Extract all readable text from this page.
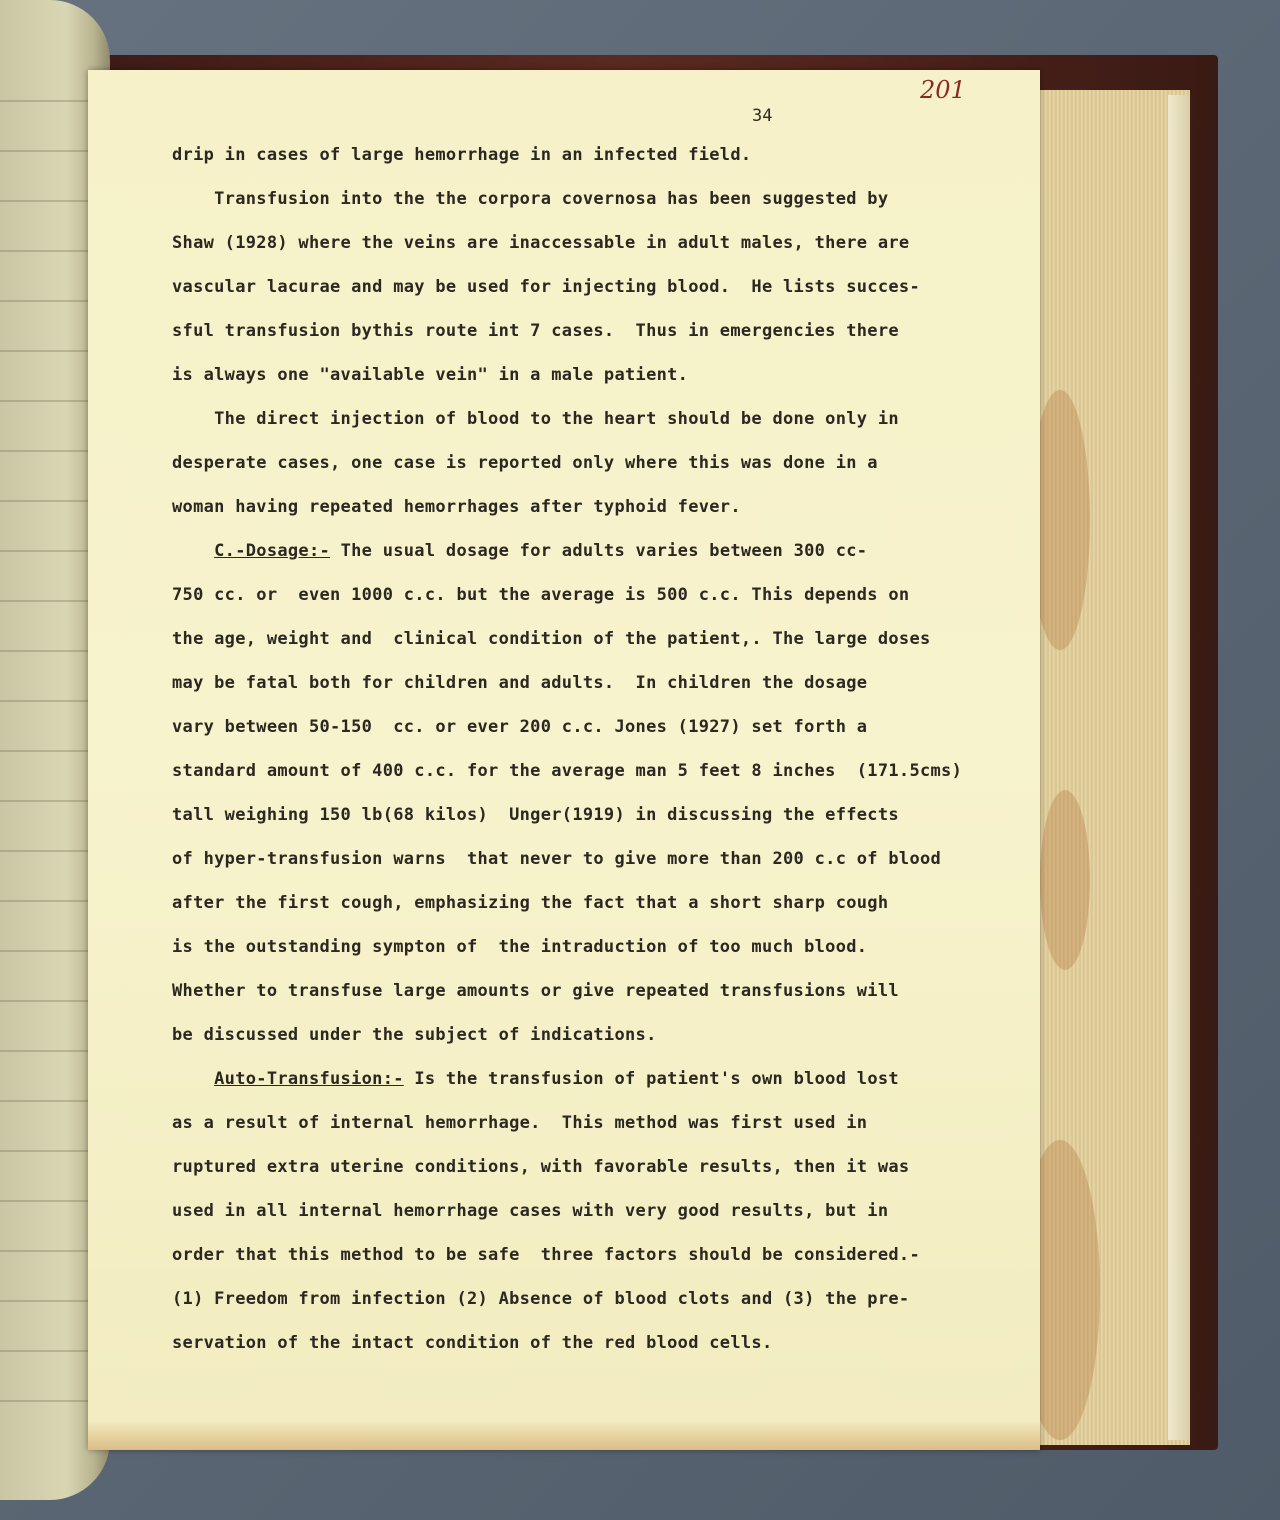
201
34
drip in cases of large hemorrhage in an infected field.
Transfusion into the the corpora covernosa has been suggested by
Shaw (1928) where the veins are inaccessable in adult males, there are
vascular lacurae and may be used for injecting blood.  He lists succes-
sful transfusion bythis route int 7 cases.  Thus in emergencies there
is always one "available vein" in a male patient.
The direct injection of blood to the heart should be done only in
desperate cases, one case is reported only where this was done in a
woman having repeated hemorrhages after typhoid fever.
C.-Dosage:- The usual dosage for adults varies between 300 cc-
750 cc. or  even 1000 c.c. but the average is 500 c.c. This depends on
the age, weight and  clinical condition of the patient,. The large doses
may be fatal both for children and adults.  In children the dosage
vary between 50-150  cc. or ever 200 c.c. Jones (1927) set forth a
standard amount of 400 c.c. for the average man 5 feet 8 inches  (171.5cms)
tall weighing 150 lb(68 kilos)  Unger(1919) in discussing the effects
of hyper-transfusion warns  that never to give more than 200 c.c of blood
after the first cough, emphasizing the fact that a short sharp cough
is the outstanding sympton of  the intraduction of too much blood.
Whether to transfuse large amounts or give repeated transfusions will
be discussed under the subject of indications.
Auto-Transfusion:- Is the transfusion of patient's own blood lost
as a result of internal hemorrhage.  This method was first used in
ruptured extra uterine conditions, with favorable results, then it was
used in all internal hemorrhage cases with very good results, but in
order that this method to be safe  three factors should be considered.-
(1) Freedom from infection (2) Absence of blood clots and (3) the pre-
servation of the intact condition of the red blood cells.
